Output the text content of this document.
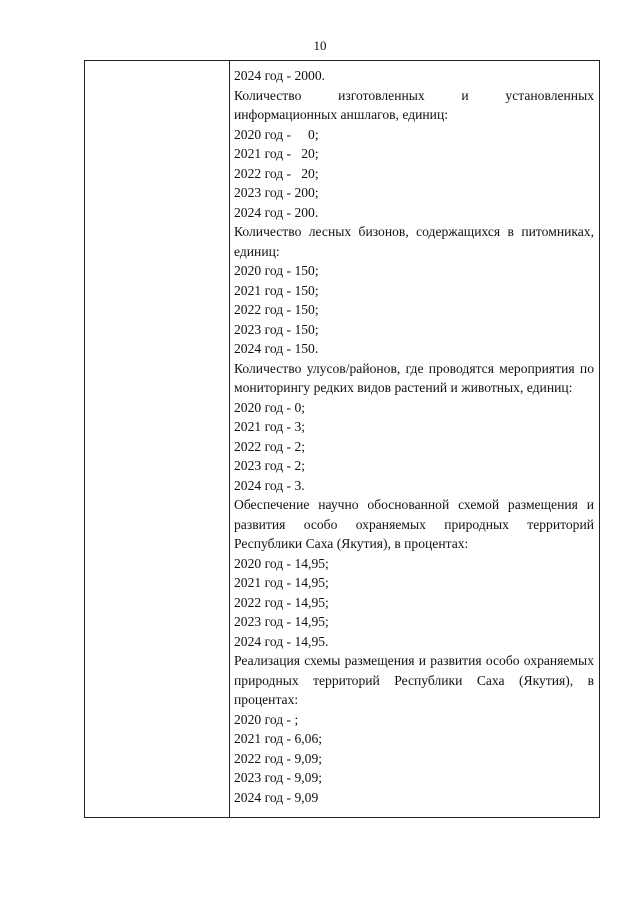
10
2024 год - 2000.
Количество изготовленных и установленных информационных аншлагов, единиц:
2020 год -     0;
2021 год -   20;
2022 год -   20;
2023 год - 200;
2024 год - 200.
Количество лесных бизонов, содержащихся в питомниках, единиц:
2020 год - 150;
2021 год - 150;
2022 год - 150;
2023 год - 150;
2024 год - 150.
Количество улусов/районов, где проводятся мероприятия по мониторингу редких видов растений и животных, единиц:
2020 год - 0;
2021 год - 3;
2022 год - 2;
2023 год - 2;
2024 год - 3.
Обеспечение научно обоснованной схемой размещения и развития особо охраняемых природных территорий Республики Саха (Якутия), в процентах:
2020 год - 14,95;
2021 год - 14,95;
2022 год - 14,95;
2023 год - 14,95;
2024 год - 14,95.
Реализация схемы размещения и развития особо охраняемых природных территорий Республики Саха (Якутия), в процентах:
2020 год - ;
2021 год - 6,06;
2022 год - 9,09;
2023 год - 9,09;
2024 год - 9,09
